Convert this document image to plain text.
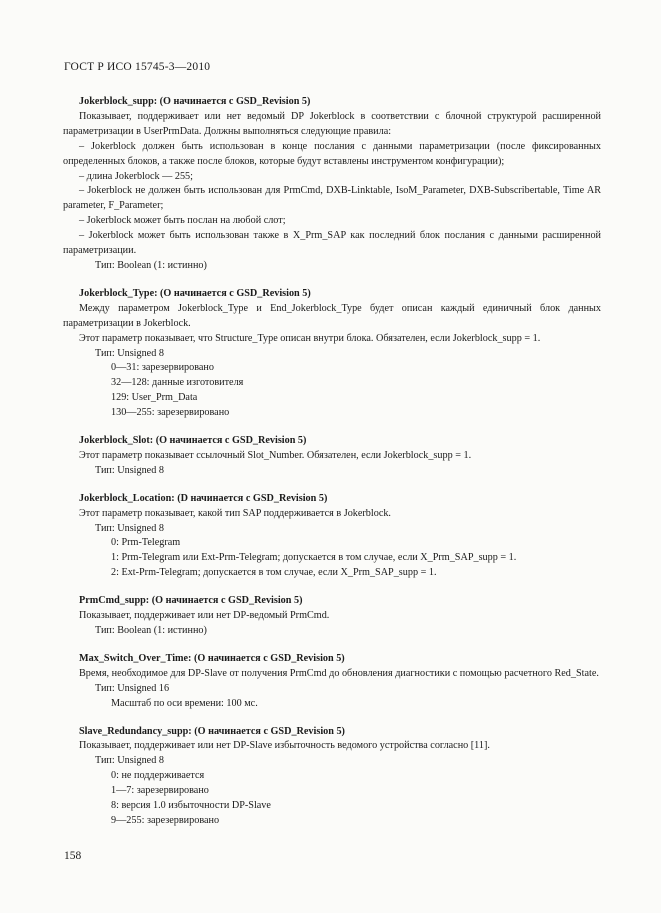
ГОСТ Р ИСО 15745-3—2010
Jokerblock_supp: (О начинается с GSD_Revision 5)
Показывает, поддерживает или нет ведомый DP Jokerblock в соответствии с блочной структурой расширенной параметризации в UserPrmData. Должны выполняться следующие правила:
– Jokerblock должен быть использован в конце послания с данными параметризации (после фиксированных определенных блоков, а также после блоков, которые будут вставлены инструментом конфигурации);
– длина Jokerblock — 255;
– Jokerblock не должен быть использован для PrmCmd, DXB-Linktable, IsoM_Parameter, DXB-Subscribertable, Time AR parameter, F_Parameter;
– Jokerblock может быть послан на любой слот;
– Jokerblock может быть использован также в X_Prm_SAP как последний блок послания с данными расширенной параметризации.
Тип: Boolean (1: истинно)
Jokerblock_Type: (О начинается с GSD_Revision 5)
Между параметром Jokerblock_Type и End_Jokerblock_Type будет описан каждый единичный блок данных параметризации в Jokerblock.
Этот параметр показывает, что Structure_Type описан внутри блока. Обязателен, если Jokerblock_supp = 1.
Тип: Unsigned 8
0—31: зарезервировано
32—128: данные изготовителя
129: User_Prm_Data
130—255: зарезервировано
Jokerblock_Slot: (О начинается с GSD_Revision 5)
Этот параметр показывает ссылочный Slot_Number. Обязателен, если Jokerblock_supp = 1.
Тип: Unsigned 8
Jokerblock_Location: (D начинается с GSD_Revision 5)
Этот параметр показывает, какой тип SAP поддерживается в Jokerblock.
Тип: Unsigned 8
0: Prm-Telegram
1: Prm-Telegram или Ext-Prm-Telegram; допускается в том случае, если X_Prm_SAP_supp = 1.
2: Ext-Prm-Telegram; допускается в том случае, если X_Prm_SAP_supp = 1.
PrmCmd_supp: (О начинается с GSD_Revision 5)
Показывает, поддерживает или нет DP-ведомый PrmCmd.
Тип: Boolean (1: истинно)
Max_Switch_Over_Time: (О начинается с GSD_Revision 5)
Время, необходимое для DP-Slave от получения PrmCmd до обновления диагностики с помощью расчетного Red_State.
Тип: Unsigned 16
Масштаб по оси времени: 100 мс.
Slave_Redundancy_supp: (О начинается с GSD_Revision 5)
Показывает, поддерживает или нет DP-Slave избыточность ведомого устройства согласно [11].
Тип: Unsigned 8
0: не поддерживается
1—7: зарезервировано
8: версия 1.0 избыточности DP-Slave
9—255: зарезервировано
158
